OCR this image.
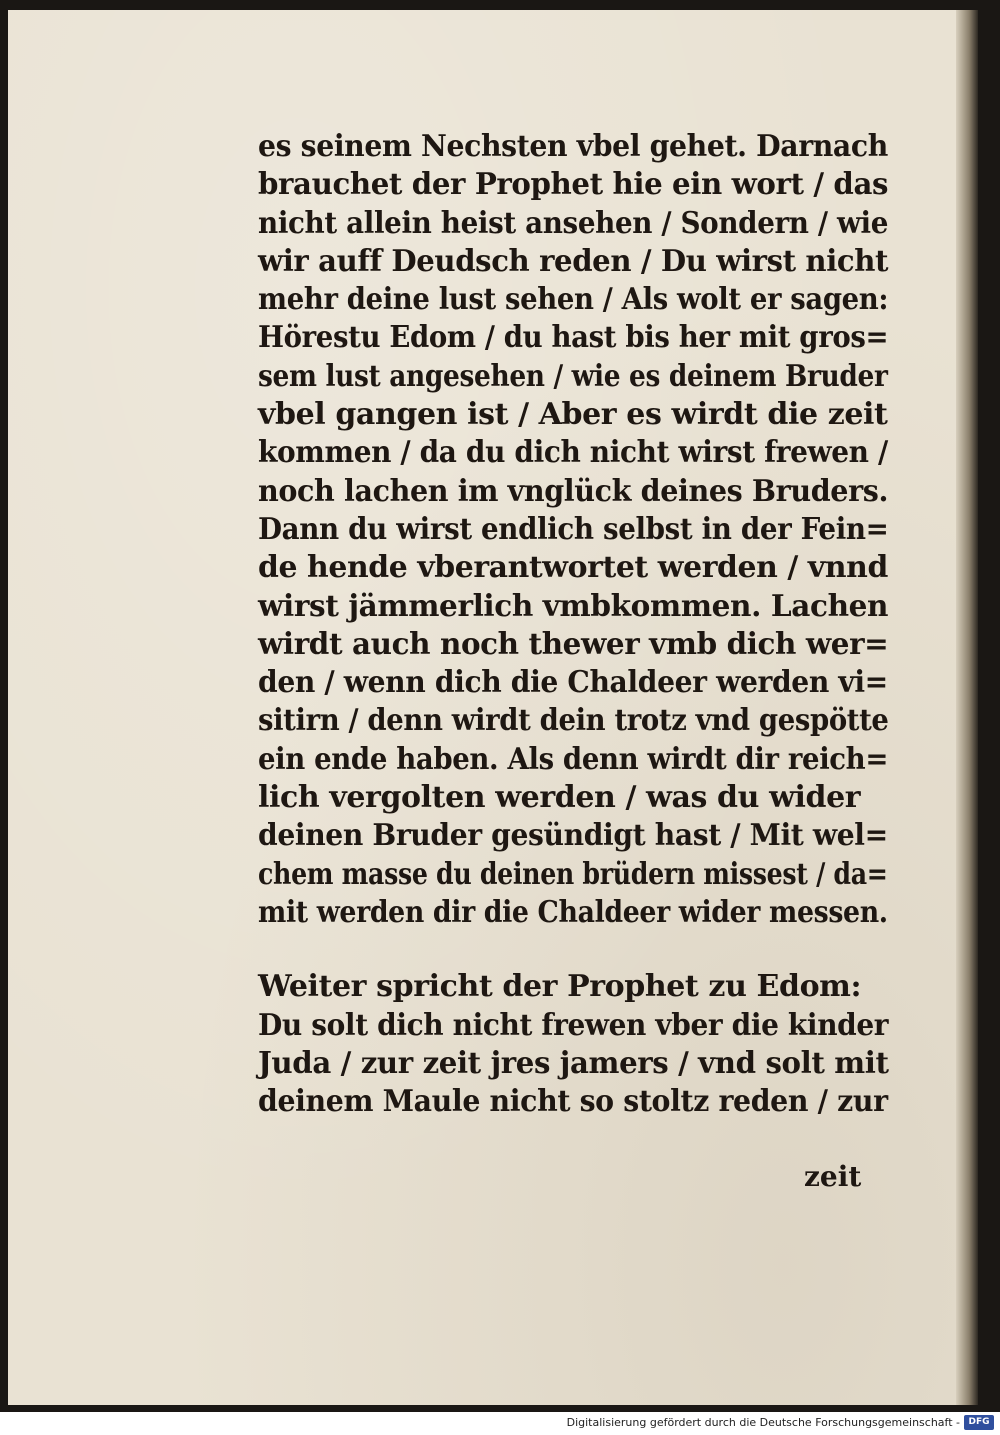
es seinem Nechsten vbel gehet. Darnach
brauchet der Prophet hie ein wort / das
nicht allein heist ansehen / Sondern / wie
wir auff Deudsch reden / Du wirst nicht
mehr deine lust sehen / Als wolt er sagen:
Hörestu Edom / du hast bis her mit gros=
sem lust angesehen / wie es deinem Bruder
vbel gangen ist / Aber es wirdt die zeit
kommen / da du dich nicht wirst frewen /
noch lachen im vnglück deines Bruders.
Dann du wirst endlich selbst in der Fein=
de hende vberantwortet werden / vnnd
wirst jämmerlich vmbkommen. Lachen
wirdt auch noch thewer vmb dich wer=
den / wenn dich die Chaldeer werden vi=
sitirn / denn wirdt dein trotz vnd gespötte
ein ende haben. Als denn wirdt dir reich=
lich vergolten werden / was du wider
deinen Bruder gesündigt hast / Mit wel=
chem masse du deinen brüdern missest / da=
mit werden dir die Chaldeer wider messen.
Weiter spricht der Prophet zu Edom:
Du solt dich nicht frewen vber die kinder
Juda / zur zeit jres jamers / vnd solt mit
deinem Maule nicht so stoltz reden / zur
zeit
Digitalisierung gefördert durch die Deutsche Forschungsgemeinschaft - DFG
